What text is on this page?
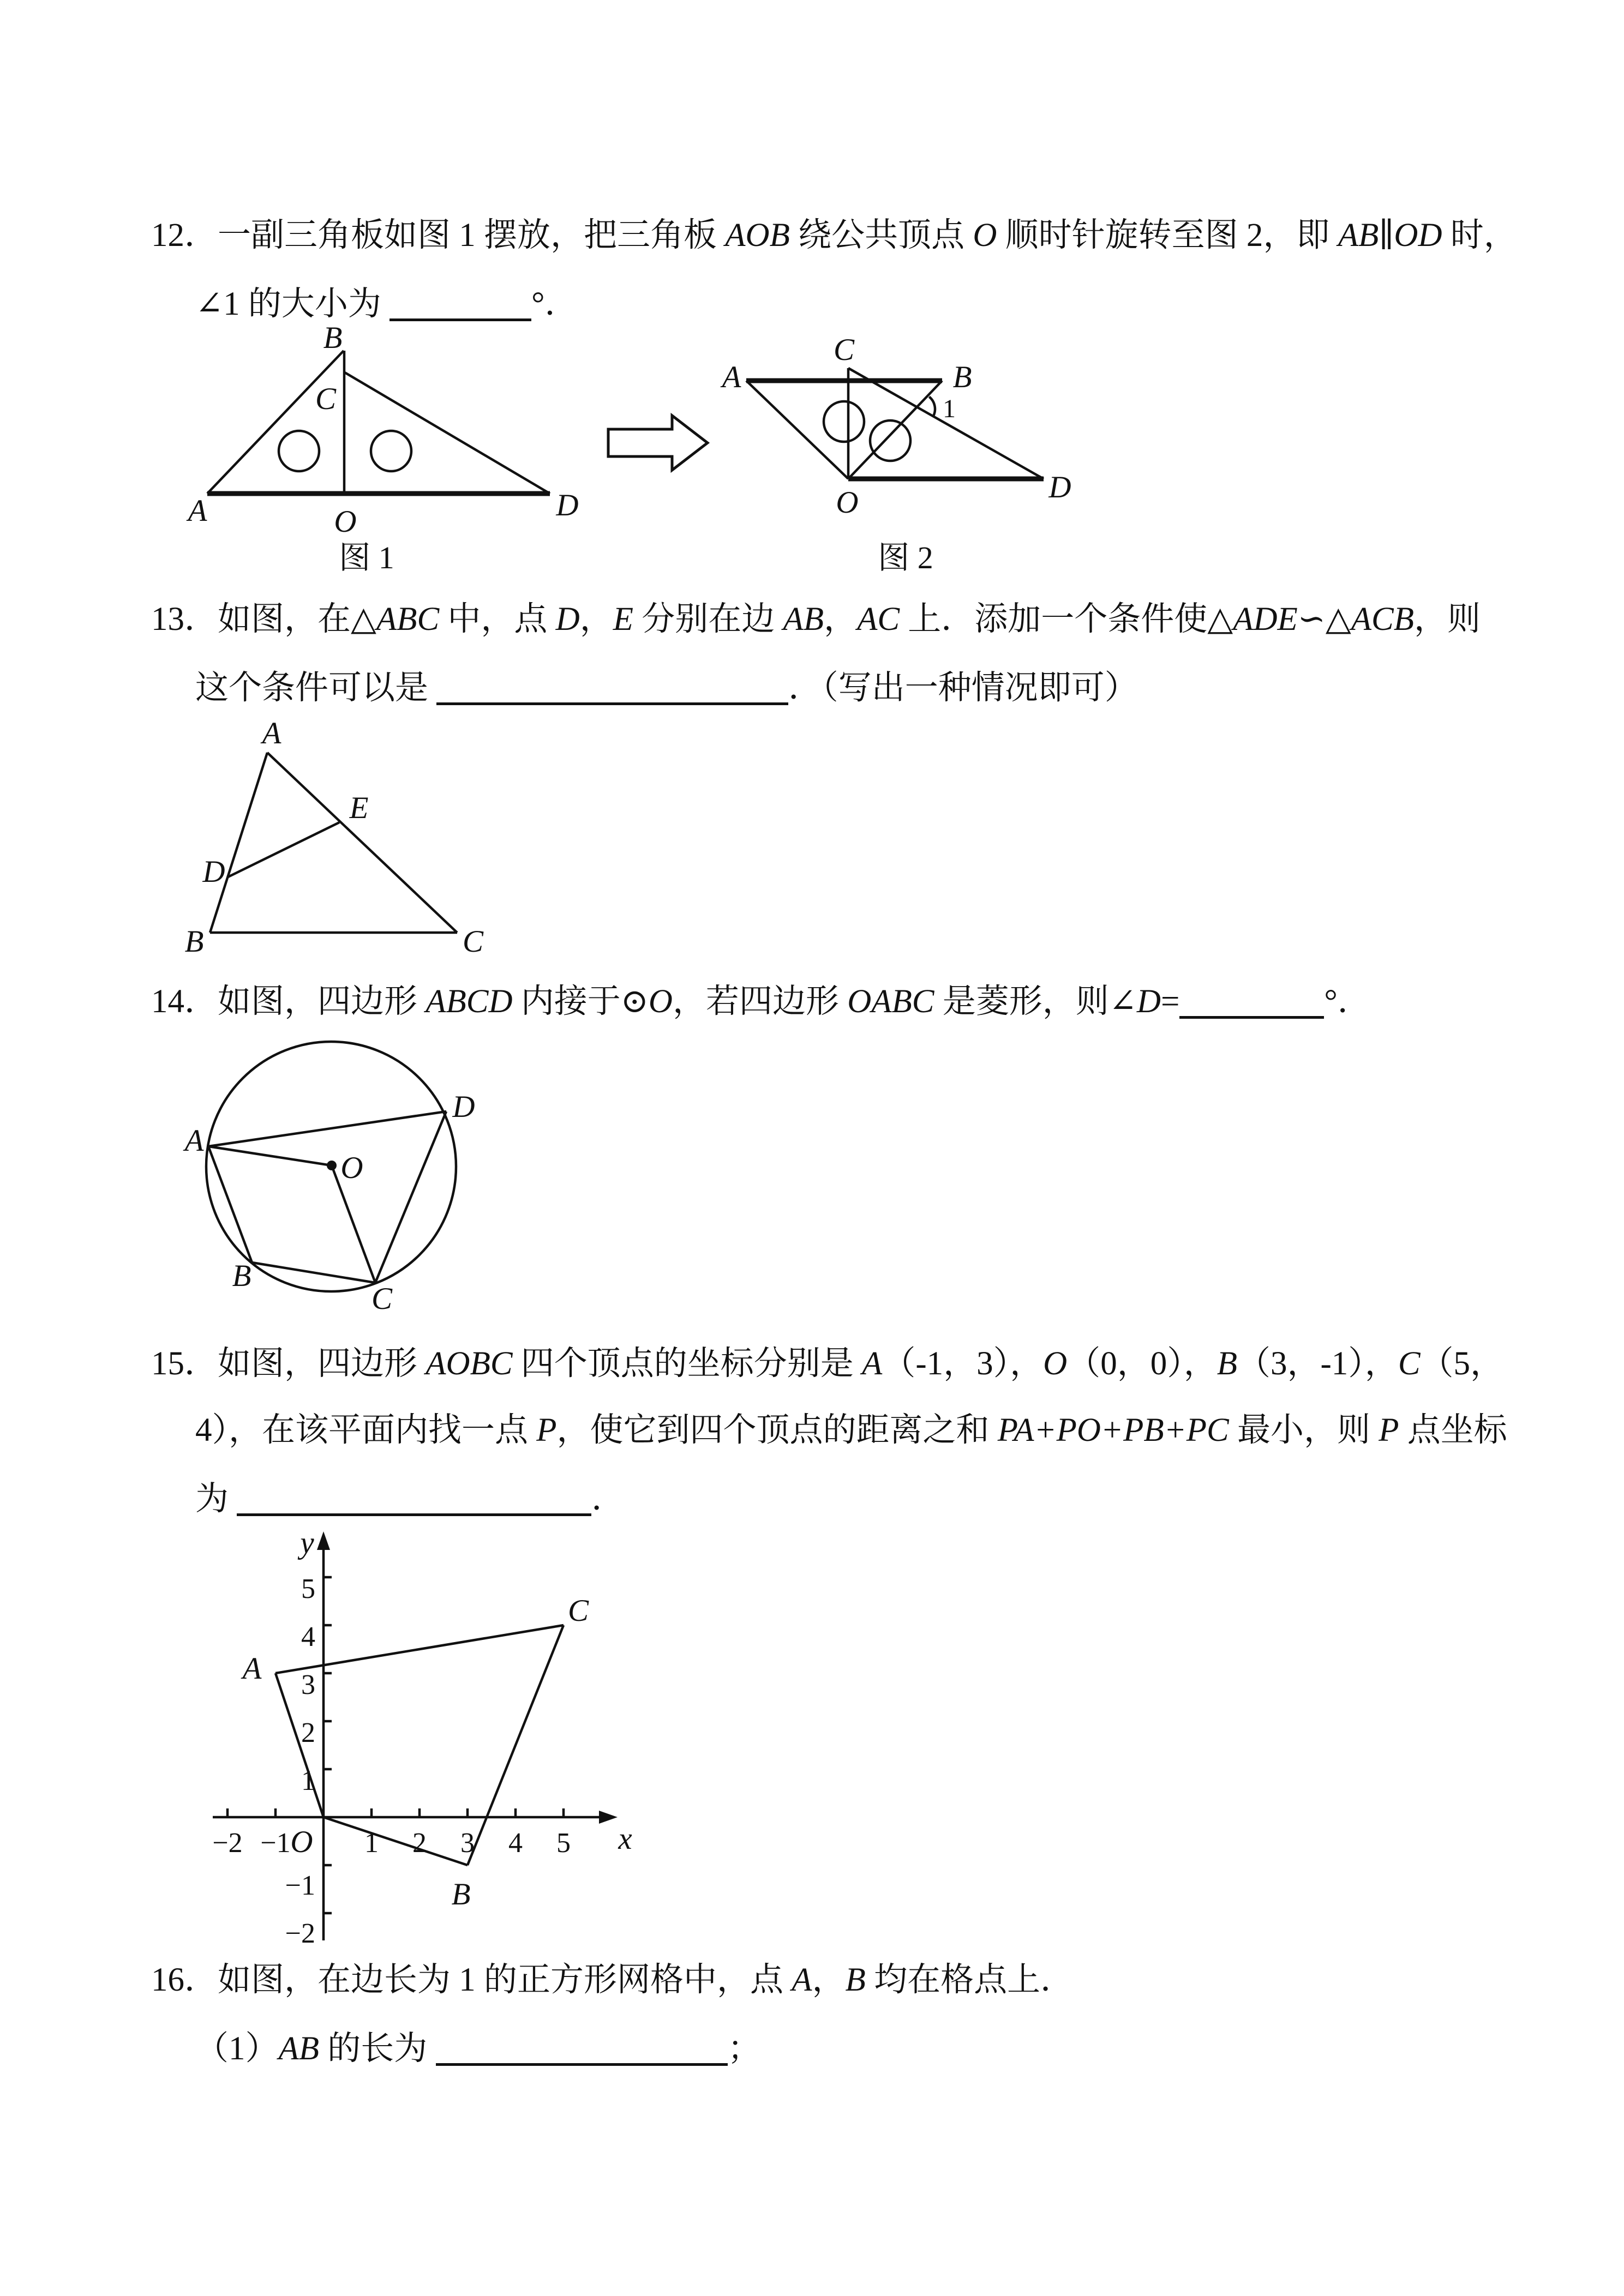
12．一副三角板如图 1 摆放，把三角板 AOB 绕公共顶点 O 顺时针旋转至图 2，即 AB∥OD 时，
∠1 的大小为	°．
B
C
A	O	D
图 1
C
A	B
1
O	D
图 2
13．如图，在△ABC 中，点 D，E 分别在边 AB，AC 上．添加一个条件使△ADE∽△ACB，则
这个条件可以是	．（写出一种情况即可）
A
E
D
B	C
14．如图，四边形 ABCD 内接于⊙O，若四边形 OABC 是菱形，则∠D=	°．
A
D
O
B
C
15．如图，四边形 AOBC 四个顶点的坐标分别是 A（-1，3），O（0，0），B（3，-1），C（5，
4），在该平面内找一点 P，使它到四个顶点的距离之和 PA+PO+PB+PC 最小，则 P 点坐标
为	．
−2 −1	1 2 3 4 5
5
4
3
2
1
−1
−2
O	x
y
A
B
C
16．如图，在边长为 1 的正方形网格中，点 A，B 均在格点上．
（1）AB 的长为	；
